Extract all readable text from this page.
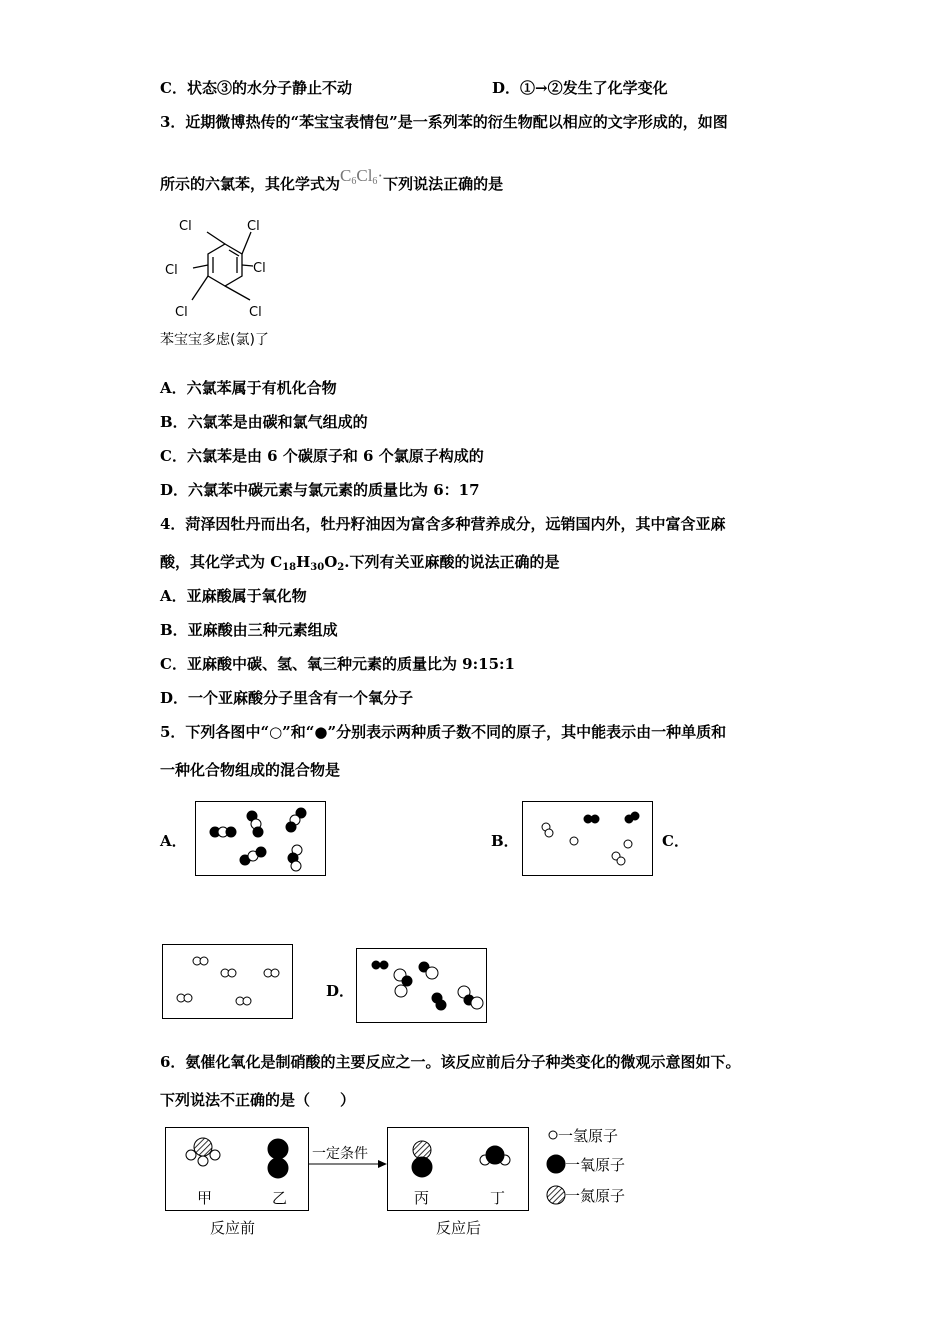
C．状态③的水分子静止不动	D．①→②发生了化学变化
3．近期微博热传的“苯宝宝表情包”是一系列苯的衍生物配以相应的文字形成的，如图
所示的六氯苯，其化学式为$C_6Cl_6\cdot$下列说法正确的是
Cl	Cl
Cl	Cl
Cl	Cl
苯宝宝多虑(氯)了
A．六氯苯属于有机化合物
B．六氯苯是由碳和氯气组成的
C．六氯苯是由 6 个碳原子和 6 个氯原子构成的
D．六氯苯中碳元素与氯元素的质量比为 6：17
4．菏泽因牡丹而出名，牡丹籽油因为富含多种营养成分，远销国内外，其中富含亚麻
酸，其化学式为 $C_{18}H_{30}O_2$.下列有关亚麻酸的说法正确的是
A．亚麻酸属于氧化物
B．亚麻酸由三种元素组成
C．亚麻酸中碳、氢、氧三种元素的质量比为 9:15:1
D．一个亚麻酸分子里含有一个氧分子
5．下列各图中“○”和“●”分别表示两种质子数不同的原子，其中能表示由一种单质和
一种化合物组成的混合物是
A．	B．	C．
D．
6．氨催化氧化是制硝酸的主要反应之一。该反应前后分子种类变化的微观示意图如下。
下列说法不正确的是（　　）
甲	乙
反应前
一定条件
丙	丁
反应后
一氢原子
一氧原子
一氮原子
